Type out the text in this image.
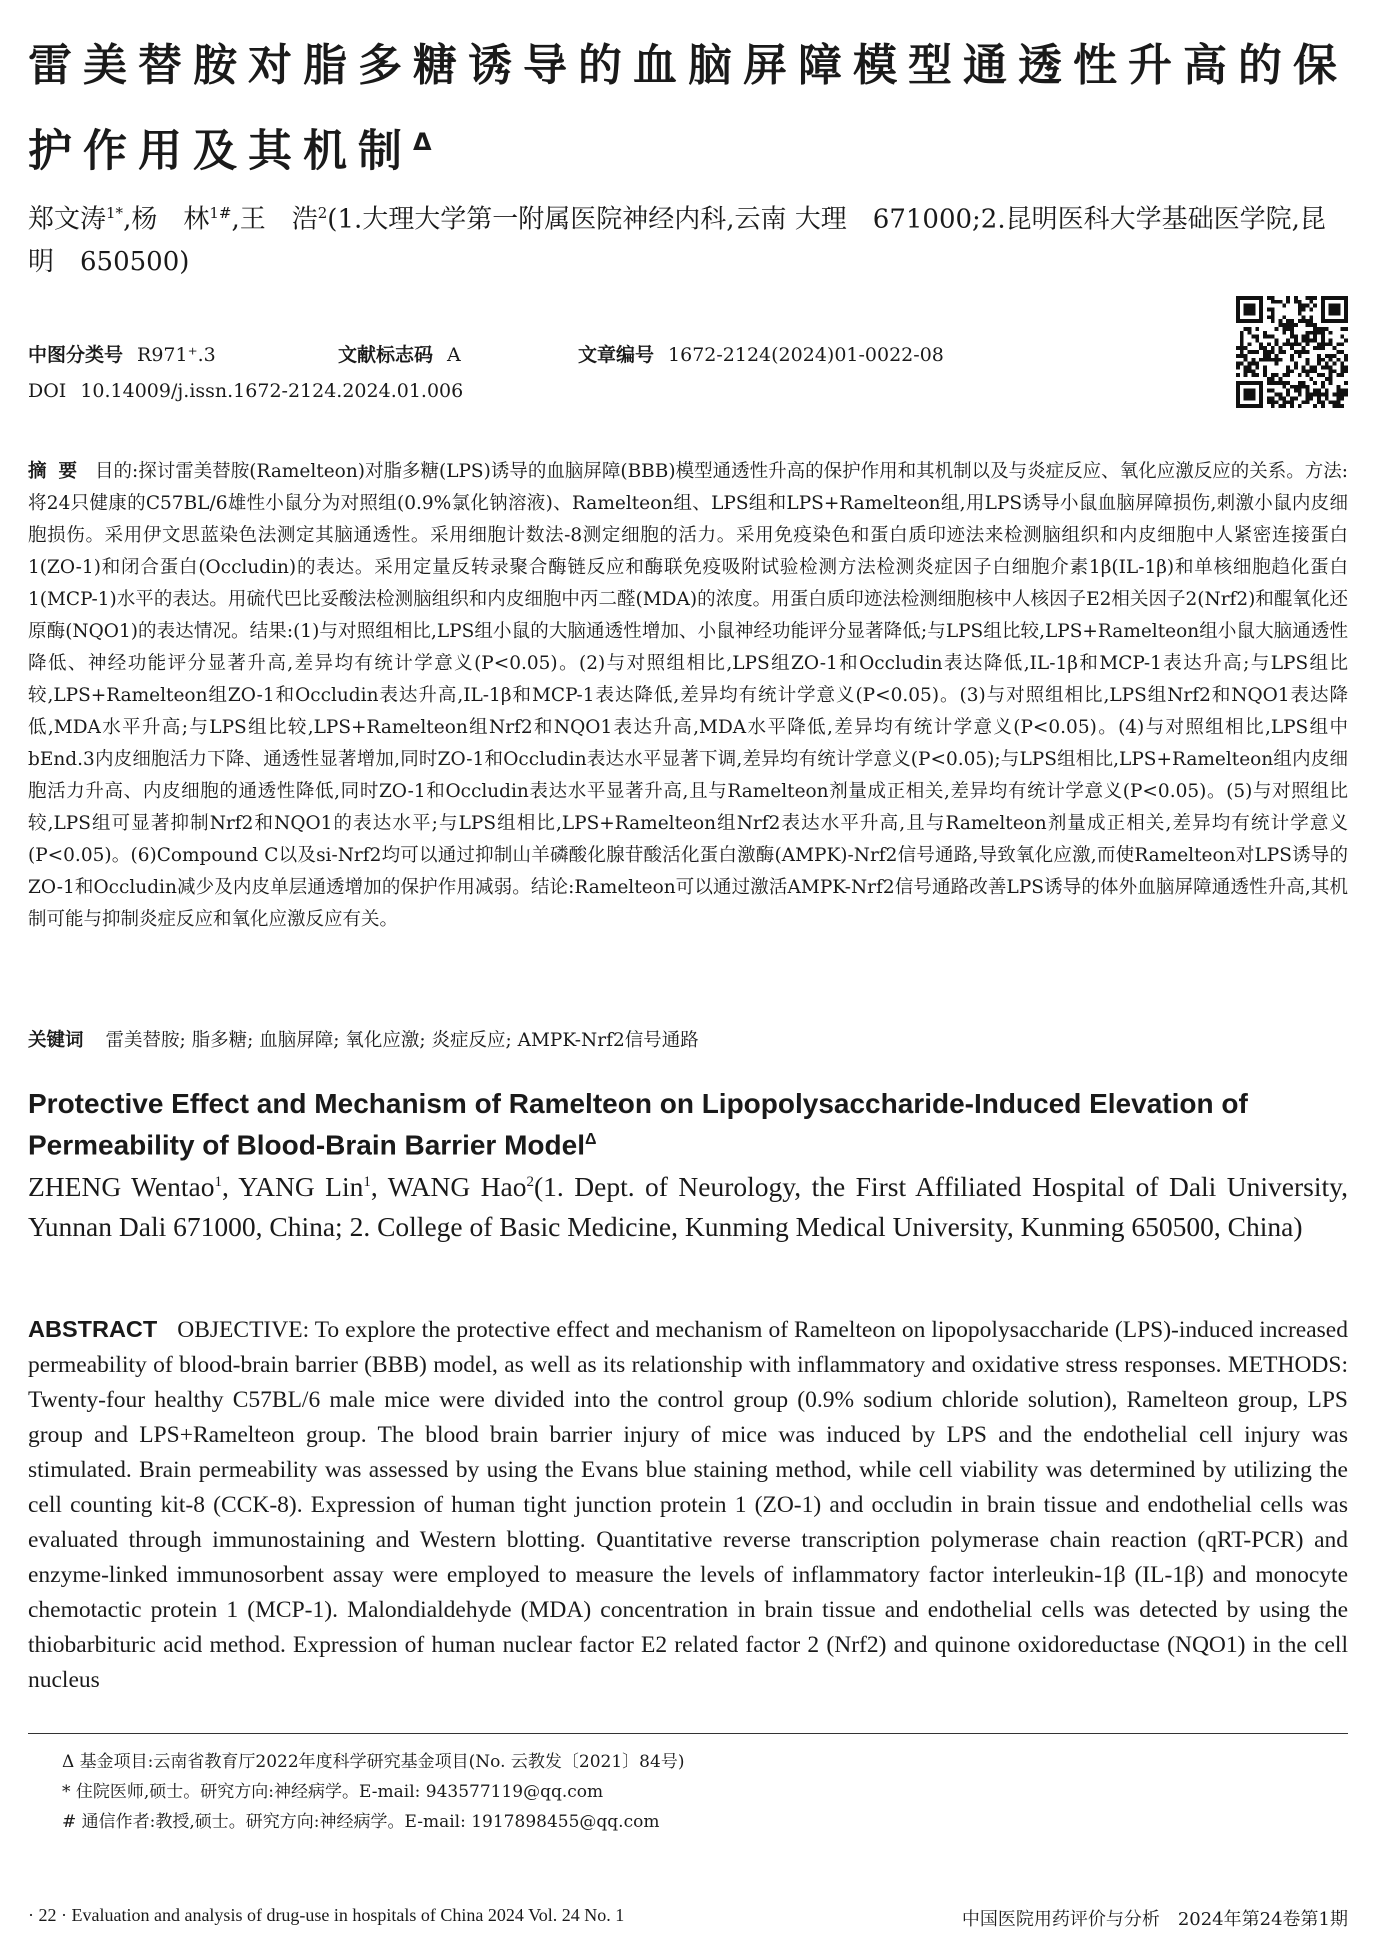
雷美替胺对脂多糖诱导的血脑屏障模型通透性升高的保护作用及其机制$^\Delta$
郑文涛$^{1*}$,杨　林$^{1\#}$,王　浩$^2$(1.大理大学第一附属医院神经内科,云南 大理　671000;2.昆明医科大学基础医学院,昆明　650500)
中图分类号 R971⁺.3	文献标志码 A	文章编号 1672-2124(2024)01-0022-08
DOI 10.14009/j.issn.1672-2124.2024.01.006

摘要 目的:探讨雷美替胺(Ramelteon)对脂多糖(LPS)诱导的血脑屏障(BBB)模型通透性升高的保护作用和其机制以及与炎症反应、氧化应激反应的关系。方法:将24只健康的C57BL/6雄性小鼠分为对照组(0.9%氯化钠溶液)、Ramelteon组、LPS组和LPS+Ramelteon组,用LPS诱导小鼠血脑屏障损伤,刺激小鼠内皮细胞损伤。采用伊文思蓝染色法测定其脑通透性。采用细胞计数法-8测定细胞的活力。采用免疫染色和蛋白质印迹法来检测脑组织和内皮细胞中人紧密连接蛋白1(ZO-1)和闭合蛋白(Occludin)的表达。采用定量反转录聚合酶链反应和酶联免疫吸附试验检测方法检测炎症因子白细胞介素1β(IL-1β)和单核细胞趋化蛋白1(MCP-1)水平的表达。用硫代巴比妥酸法检测脑组织和内皮细胞中丙二醛(MDA)的浓度。用蛋白质印迹法检测细胞核中人核因子E2相关因子2(Nrf2)和醌氧化还原酶(NQO1)的表达情况。结果:(1)与对照组相比,LPS组小鼠的大脑通透性增加、小鼠神经功能评分显著降低;与LPS组比较,LPS+Ramelteon组小鼠大脑通透性降低、神经功能评分显著升高,差异均有统计学意义(P<0.05)。(2)与对照组相比,LPS组ZO-1和Occludin表达降低,IL-1β和MCP-1表达升高;与LPS组比较,LPS+Ramelteon组ZO-1和Occludin表达升高,IL-1β和MCP-1表达降低,差异均有统计学意义(P<0.05)。(3)与对照组相比,LPS组Nrf2和NQO1表达降低,MDA水平升高;与LPS组比较,LPS+Ramelteon组Nrf2和NQO1表达升高,MDA水平降低,差异均有统计学意义(P<0.05)。(4)与对照组相比,LPS组中bEnd.3内皮细胞活力下降、通透性显著增加,同时ZO-1和Occludin表达水平显著下调,差异均有统计学意义(P<0.05);与LPS组相比,LPS+Ramelteon组内皮细胞活力升高、内皮细胞的通透性降低,同时ZO-1和Occludin表达水平显著升高,且与Ramelteon剂量成正相关,差异均有统计学意义(P<0.05)。(5)与对照组比较,LPS组可显著抑制Nrf2和NQO1的表达水平;与LPS组相比,LPS+Ramelteon组Nrf2表达水平升高,且与Ramelteon剂量成正相关,差异均有统计学意义(P<0.05)。(6)Compound C以及si-Nrf2均可以通过抑制山羊磷酸化腺苷酸活化蛋白激酶(AMPK)-Nrf2信号通路,导致氧化应激,而使Ramelteon对LPS诱导的ZO-1和Occludin减少及内皮单层通透增加的保护作用减弱。结论:Ramelteon可以通过激活AMPK-Nrf2信号通路改善LPS诱导的体外血脑屏障通透性升高,其机制可能与抑制炎症反应和氧化应激反应有关。

关键词 雷美替胺; 脂多糖; 血脑屏障; 氧化应激; 炎症反应; AMPK-Nrf2信号通路
Protective Effect and Mechanism of Ramelteon on Lipopolysaccharide-Induced Elevation of Permeability of Blood-Brain Barrier Model$^\Delta$
ZHENG Wentao$^1$, YANG Lin$^1$, WANG Hao$^2$(1. Dept. of Neurology, the First Affiliated Hospital of Dali University, Yunnan Dali 671000, China; 2. College of Basic Medicine, Kunming Medical University, Kunming 650500, China)

ABSTRACT OBJECTIVE: To explore the protective effect and mechanism of Ramelteon on lipopolysaccharide (LPS)-induced increased permeability of blood-brain barrier (BBB) model, as well as its relationship with inflammatory and oxidative stress responses. METHODS: Twenty-four healthy C57BL/6 male mice were divided into the control group (0.9% sodium chloride solution), Ramelteon group, LPS group and LPS+Ramelteon group. The blood brain barrier injury of mice was induced by LPS and the endothelial cell injury was stimulated. Brain permeability was assessed by using the Evans blue staining method, while cell viability was determined by utilizing the cell counting kit-8 (CCK-8). Expression of human tight junction protein 1 (ZO-1) and occludin in brain tissue and endothelial cells was evaluated through immunostaining and Western blotting. Quantitative reverse transcription polymerase chain reaction (qRT-PCR) and enzyme-linked immunosorbent assay were employed to measure the levels of inflammatory factor interleukin-1β (IL-1β) and monocyte chemotactic protein 1 (MCP-1). Malondialdehyde (MDA) concentration in brain tissue and endothelial cells was detected by using the thiobarbituric acid method. Expression of human nuclear factor E2 related factor 2 (Nrf2) and quinone oxidoreductase (NQO1) in the cell nucleus

Δ 基金项目:云南省教育厅2022年度科学研究基金项目(No. 云教发〔2021〕84号)
* 住院医师,硕士。研究方向:神经病学。E-mail: 943577119@qq.com
# 通信作者:教授,硕士。研究方向:神经病学。E-mail: 1917898455@qq.com
· 22 · Evaluation and analysis of drug-use in hospitals of China 2024 Vol. 24 No. 1	中国医院用药评价与分析　2024年第24卷第1期
